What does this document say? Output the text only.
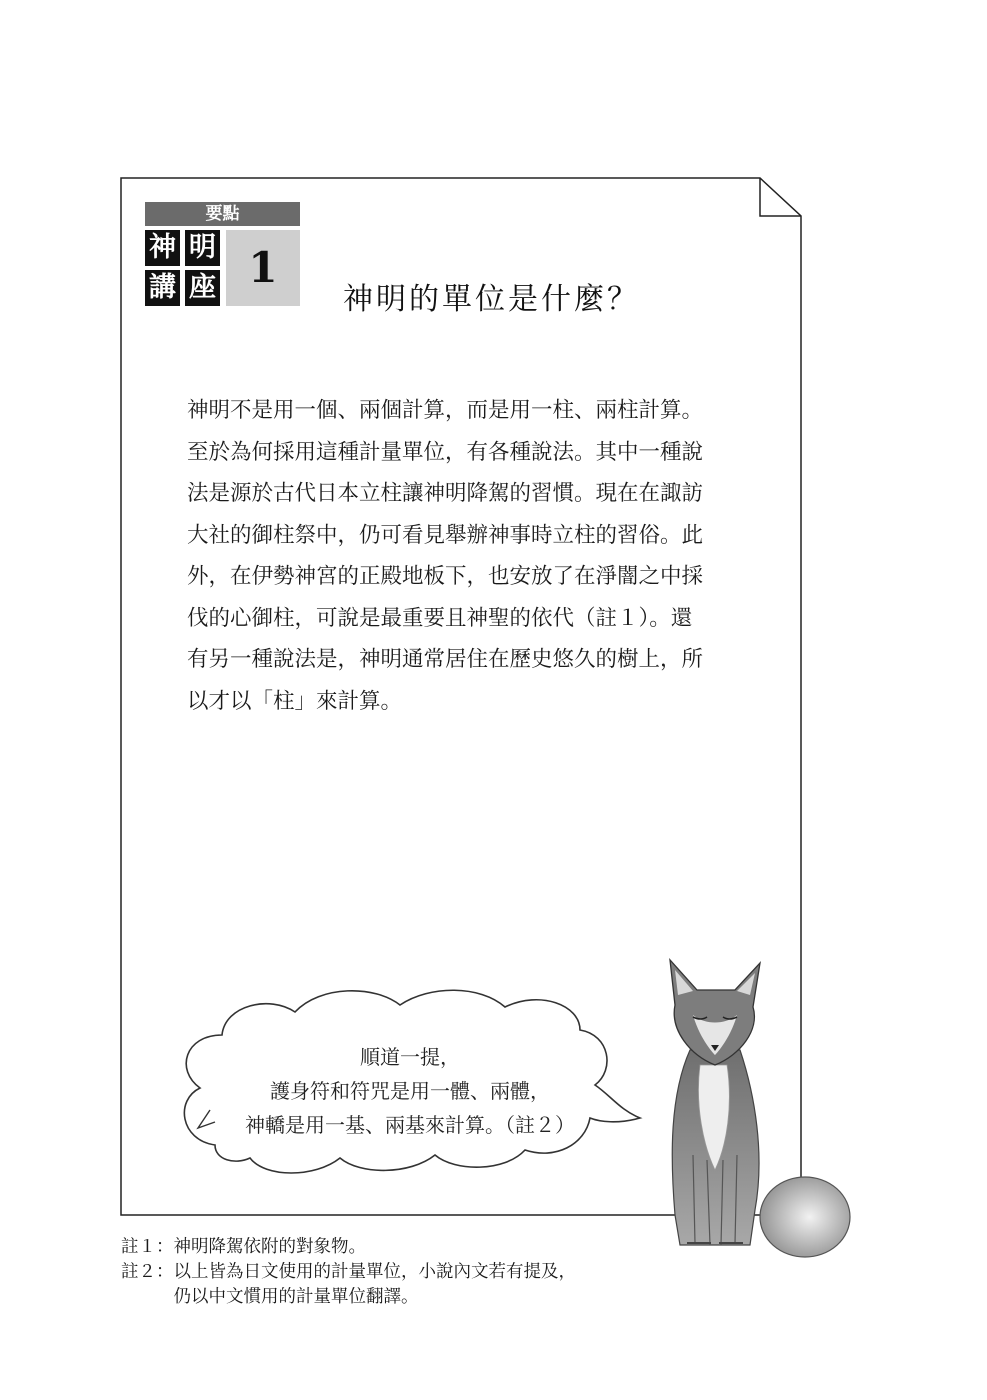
要點
神 明
講 座 1
神明的單位是什麼？

神明不是用一個、兩個計算，而是用一柱、兩柱計算。

至於為何採用這種計量單位，有各種說法。其中一種說

法是源於古代日本立柱讓神明降駕的習慣。現在在諏訪

大社的御柱祭中，仍可看見舉辦神事時立柱的習俗。此

外，在伊勢神宮的正殿地板下，也安放了在淨闇之中採

伐的心御柱，可說是最重要且神聖的依代（註１）。還

有另一種說法是，神明通常居住在歷史悠久的樹上，所

以才以「柱」來計算。

順道一提，

護身符和符咒是用一體、兩體，

神轎是用一基、兩基來計算。（註２）

註１：神明降駕依附的對象物。

註２：以上皆為日文使用的計量單位，小說內文若有提及，

　　　仍以中文慣用的計量單位翻譯。
